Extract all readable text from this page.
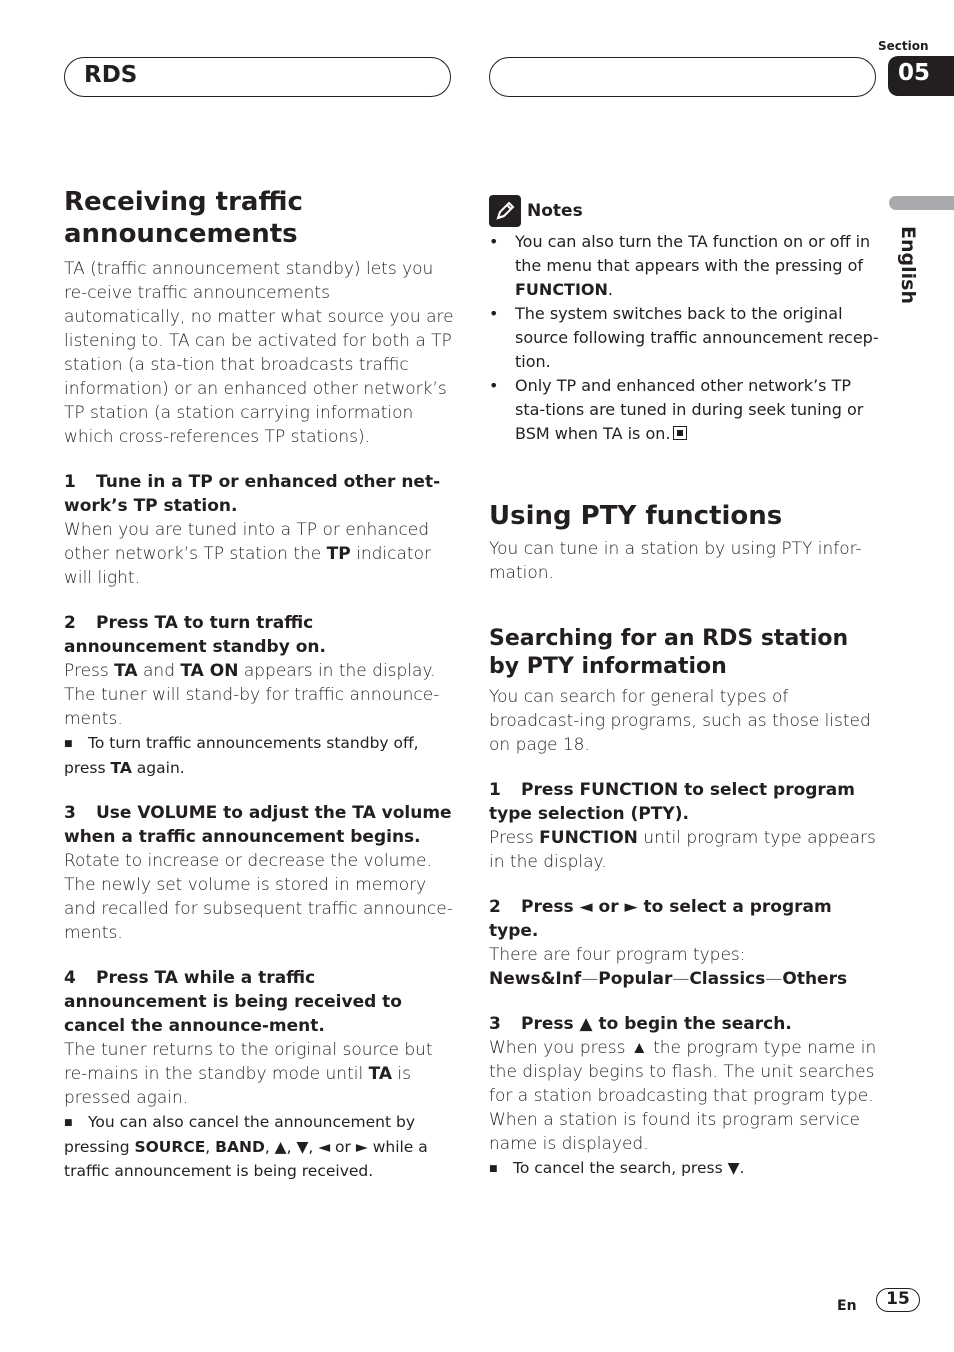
RDS
Section
05
English
Receiving traffic announcements

TA (traffic announcement standby) lets you re-ceive traffic announcements automatically, no matter what source you are listening to. TA can be activated for both a TP station (a sta-tion that broadcasts traffic information) or an enhanced other network’s TP station (a station carrying information which cross-references TP stations).

1 Tune in a TP or enhanced other net-work’s TP station.

When you are tuned into a TP or enhanced other network’s TP station the TP indicator will light.

2 Press TA to turn traffic announcement standby on.

Press TA and TA ON appears in the display. The tuner will stand-by for traffic announce-ments.

■ To turn traffic announcements standby off, press TA again.
3 Use VOLUME to adjust the TA volume when a traffic announcement begins.

Rotate to increase or decrease the volume. The newly set volume is stored in memory and recalled for subsequent traffic announce-ments.

4 Press TA while a traffic announcement is being received to cancel the announce-ment.

The tuner returns to the original source but re-mains in the standby mode until TA is pressed again.

■ You can also cancel the announcement by pressing SOURCE, BAND, ▲, ▼, ◄ or ► while a traffic announcement is being received.
Notes
• You can also turn the TA function on or off in the menu that appears with the pressing of FUNCTION.
• The system switches back to the original source following traffic announcement recep-tion.
• Only TP and enhanced other network’s TP sta-tions are tuned in during seek tuning or BSM when TA is on.
Using PTY functions

You can tune in a station by using PTY infor-mation.

Searching for an RDS station by PTY information

You can search for general types of broadcast-ing programs, such as those listed on page 18.

1 Press FUNCTION to select program type selection (PTY).

Press FUNCTION until program type appears in the display.

2 Press ◄ or ► to select a program type.

There are four program types:

News&Inf—Popular—Classics—Others

3 Press ▲ to begin the search.

When you press ▲ the program type name in the display begins to flash. The unit searches for a station broadcasting that program type. When a station is found its program service name is displayed.

■ To cancel the search, press ▼.
En	15
